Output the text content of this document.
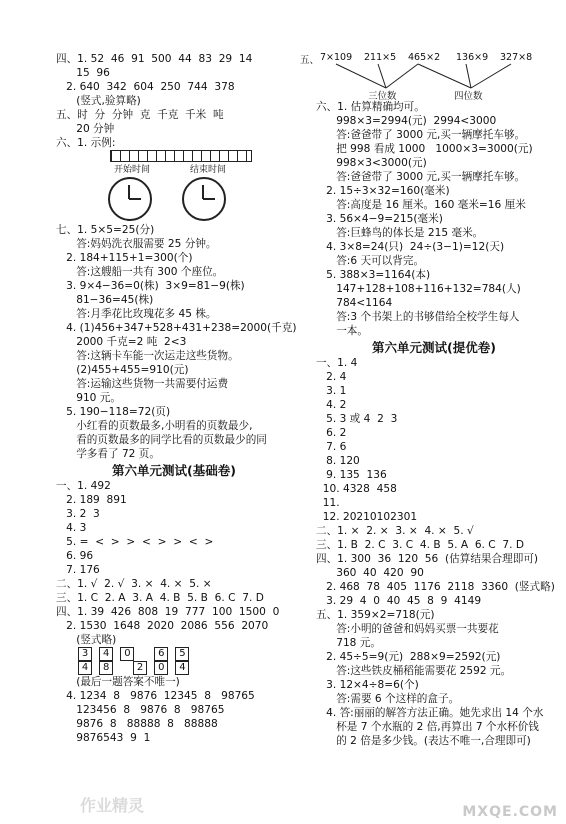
四、1. 52  46  91  500  44  83  29  14
15  96
2. 640  342  604  250  744  378
(竖式,验算略)
五、时  分  分钟  克  千克  千米  吨
20 分钟
六、1. 示例:
开始时间	结束时间
七、1. 5×5=25(分)
答:妈妈洗衣服需要 25 分钟。
2. 184+115+1=300(个)
答:这艘船一共有 300 个座位。
3. 9×4−36=0(株)  3×9=81−9(株)
81−36=45(株)
答:月季花比玫瑰花多 45 株。
4. (1)456+347+528+431+238=2000(千克)
2000 千克=2 吨  2<3
答:这辆卡车能一次运走这些货物。
(2)455+455=910(元)
答:运输这些货物一共需要付运费
910 元。
5. 190−118=72(页)
小红看的页数最多,小明看的页数最少,
看的页数最多的同学比看的页数最少的同
学多看了 72 页。
第六单元测试(基础卷)
一、1. 492
2. 189  891
3. 2  3
4. 3
5. =  <  >  >  <  >  >  <  >
6. 96
7. 176
二、1. √  2. √  3. ×  4. ×  5. ×
三、1. C  2. A  3. A  4. B  5. B  6. C  7. D
四、1. 39  426  808  19  777  100  1500  0
2. 1530  1648  2020  2086  556  2070
(竖式略)
3 4 0	6 5
4 8	2 0 4
(最后一题答案不唯一)
4. 1234  8   9876  12345  8   98765
123456  8   9876  8   98765
9876  8   88888  8   88888
9876543  9  1
五、 7×109 211×5 465×2 136×9 327×8
三位数	四位数
六、1. 估算精确均可。
998×3=2994(元)  2994<3000
答:爸爸带了 3000 元,买一辆摩托车够。
把 998 看成 1000   1000×3=3000(元)
998×3<3000(元)
答:爸爸带了 3000 元,买一辆摩托车够。
2. 15÷3×32=160(毫米)
答:高度是 16 厘米。160 毫米=16 厘米
3. 56×4−9=215(毫米)
答:巨蜂鸟的体长是 215 毫米。
4. 3×8=24(只)  24÷(3−1)=12(天)
答:6 天可以背完。
5. 388×3=1164(本)
147+128+108+116+132=784(人)
784<1164
答:3 个书架上的书够借给全校学生每人
一本。
第六单元测试(提优卷)
一、1. 4
2. 4
3. 1
4. 2
5. 3 或 4  2  3
6. 2
7. 6
8. 120
9. 135  136
10. 4328  458
11.
12. 20210102301
二、1. ×  2. ×  3. ×  4. ×  5. √
三、1. B  2. C  3. C  4. B  5. A  6. C  7. D
四、1. 300  36  120  56  (估算结果合理即可)
360  40  420  90
2. 468  78  405  1176  2118  3360  (竖式略)
3. 29  4  0  40  45  8  9  4149
五、1. 359×2=718(元)
答:小明的爸爸和妈妈买票一共要花
718 元。
2. 45÷5=9(元)  288×9=2592(元)
答:这些铁皮桶稻能需要花 2592 元。
3. 12×4÷8=6(个)
答:需要 6 个这样的盒子。
4. 答:丽丽的解答方法正确。她先求出 14 个水
杯是 7 个水瓶的 2 倍,再算出 7 个水杯价钱
的 2 倍是多少钱。(表达不唯一,合理即可)
作业精灵	MXQE.COM
